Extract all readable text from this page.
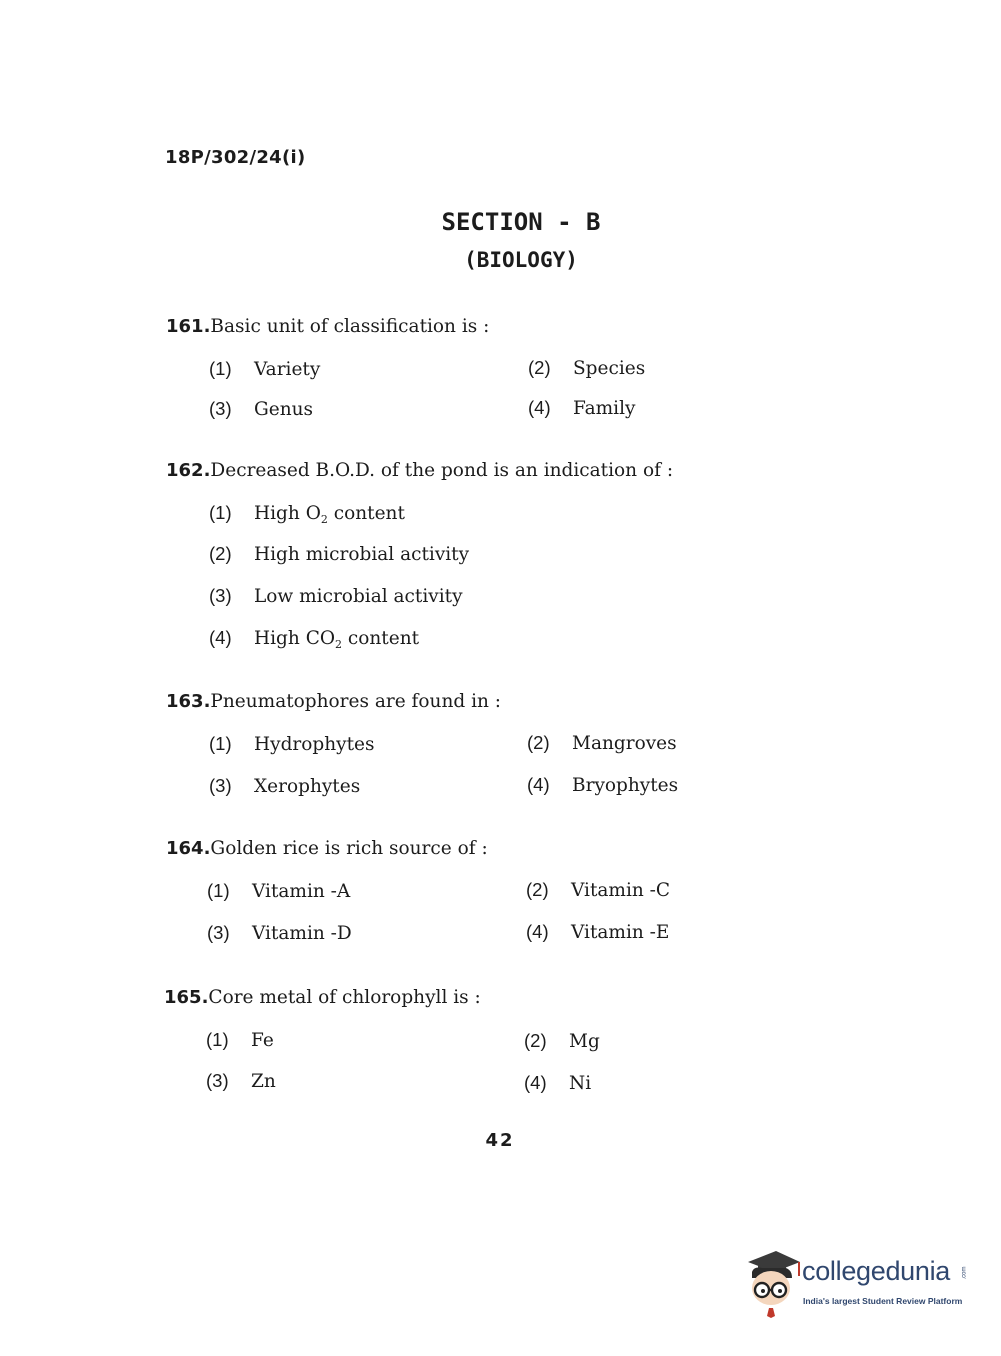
18P/302/24(i)
SECTION - B
(BIOLOGY)
161.Basic unit of classification is :
(1) Variety	(2) Species
(3) Genus	(4) Family
162.Decreased B.O.D. of the pond is an indication of :
(1) High $O_2$ content
(2) High microbial activity
(3) Low microbial activity
(4) High $CO_2$ content
163.Pneumatophores are found in :
(1) Hydrophytes	(2) Mangroves
(3) Xerophytes	(4) Bryophytes
164.Golden rice is rich source of :
(1) Vitamin -A	(2) Vitamin -C
(3) Vitamin -D	(4) Vitamin -E
165.Core metal of chlorophyll is :
(1) Fe	(2) Mg
(3) Zn	(4) Ni
42
collegedunia .com
India's largest Student Review Platform
